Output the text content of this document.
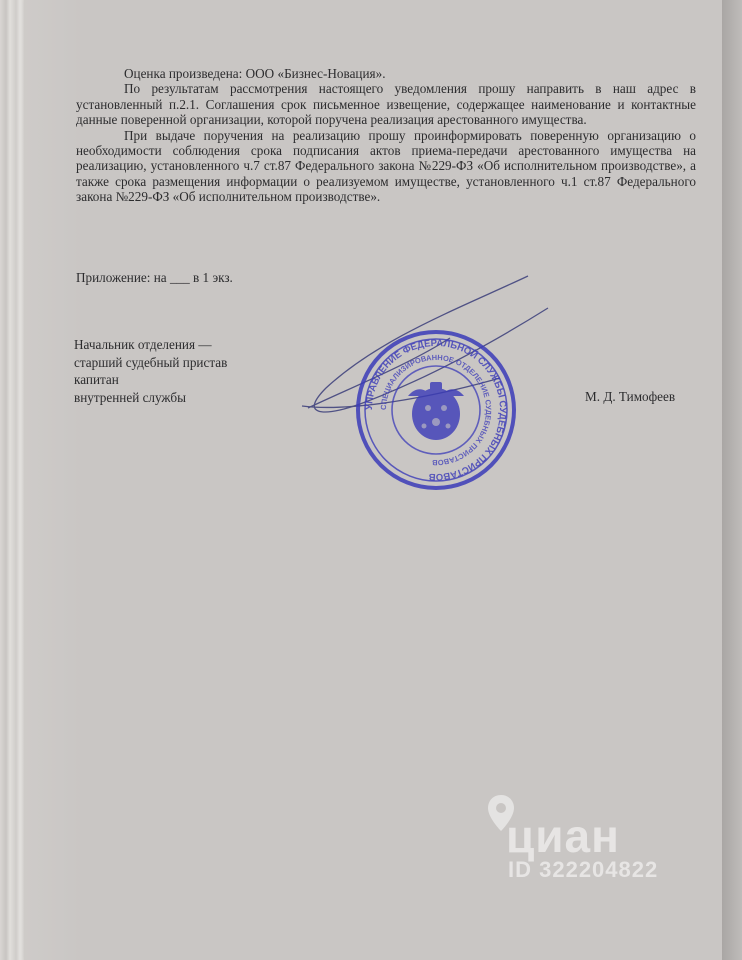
Оценка произведена: ООО «Бизнес-Новация».

По результатам рассмотрения настоящего уведомления прошу направить в наш адрес в установленный п.2.1. Соглашения срок письменное извещение, содержащее наименование и контактные данные поверенной организации, которой поручена реализация арестованного имущества.

При выдаче поручения на реализацию прошу проинформировать поверенную организацию о необходимости соблюдения срока подписания актов приема-передачи арестованного имущества на реализацию, установленного ч.7 ст.87 Федерального закона №229-ФЗ «Об исполнительном производстве», а также срока размещения информации о реализуемом имуществе, установленного ч.1 ст.87 Федерального закона №229-ФЗ «Об исполнительном производстве».

Приложение: на ___ в 1 экз.
Начальник отделения —
старший судебный пристав
капитан
внутренней службы	М. Д. Тимофеев
УПРАВЛЕНИЕ ФЕДЕРАЛЬНОЙ СЛУЖБЫ СУДЕБНЫХ ПРИСТАВОВ
СПЕЦИАЛИЗИРОВАННОЕ ОТДЕЛЕНИЕ СУДЕБНЫХ ПРИСТАВОВ
циан
ID 322204822
